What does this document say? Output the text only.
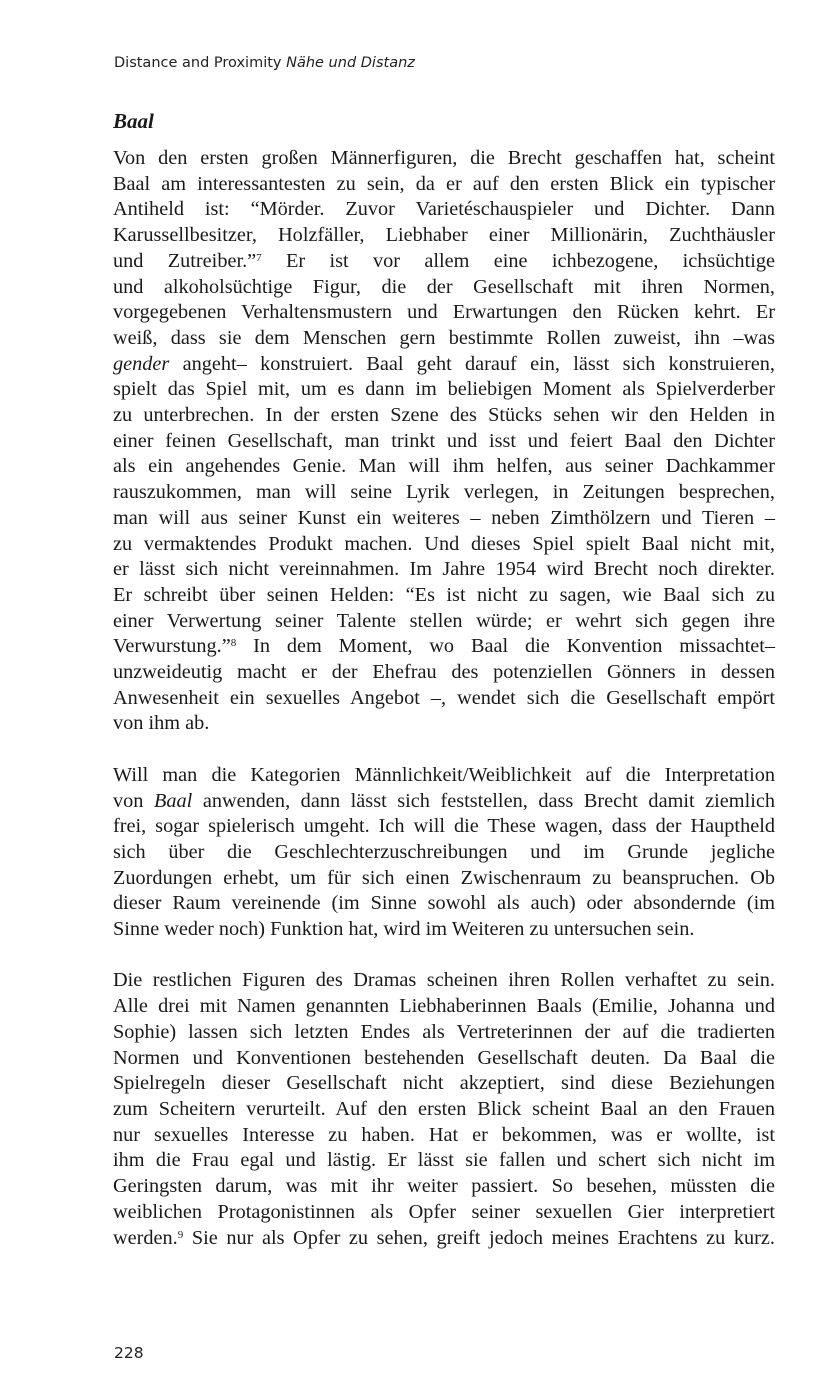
Distance and Proximity Nähe und Distanz
Baal
Von den ersten großen Männerfiguren, die Brecht geschaffen hat, scheint
Baal am interessantesten zu sein, da er auf den ersten Blick ein typischer
Antiheld ist: “Mörder. Zuvor Varietéschauspieler und Dichter. Dann
Karussellbesitzer, Holzfäller, Liebhaber einer Millionärin, Zuchthäusler
und Zutreiber.”$^7$ Er ist vor allem eine ichbezogene, ichsüchtige
und alkoholsüchtige Figur, die der Gesellschaft mit ihren Normen,
vorgegebenen Verhaltensmustern und Erwartungen den Rücken kehrt. Er
weiß, dass sie dem Menschen gern bestimmte Rollen zuweist, ihn –was
gender angeht– konstruiert. Baal geht darauf ein, lässt sich konstruieren,
spielt das Spiel mit, um es dann im beliebigen Moment als Spielverderber
zu unterbrechen. In der ersten Szene des Stücks sehen wir den Helden in
einer feinen Gesellschaft, man trinkt und isst und feiert Baal den Dichter
als ein angehendes Genie. Man will ihm helfen, aus seiner Dachkammer
rauszukommen, man will seine Lyrik verlegen, in Zeitungen besprechen,
man will aus seiner Kunst ein weiteres – neben Zimthölzern und Tieren –
zu vermaktendes Produkt machen. Und dieses Spiel spielt Baal nicht mit,
er lässt sich nicht vereinnahmen. Im Jahre 1954 wird Brecht noch direkter.
Er schreibt über seinen Helden: “Es ist nicht zu sagen, wie Baal sich zu
einer Verwertung seiner Talente stellen würde; er wehrt sich gegen ihre
Verwurstung.”$^8$ In dem Moment, wo Baal die Konvention missachtet–
unzweideutig macht er der Ehefrau des potenziellen Gönners in dessen
Anwesenheit ein sexuelles Angebot –, wendet sich die Gesellschaft empört
von ihm ab.
Will man die Kategorien Männlichkeit/Weiblichkeit auf die Interpretation
von Baal anwenden, dann lässt sich feststellen, dass Brecht damit ziemlich
frei, sogar spielerisch umgeht. Ich will die These wagen, dass der Hauptheld
sich über die Geschlechterzuschreibungen und im Grunde jegliche
Zuordungen erhebt, um für sich einen Zwischenraum zu beanspruchen. Ob
dieser Raum vereinende (im Sinne sowohl als auch) oder absondernde (im
Sinne weder noch) Funktion hat, wird im Weiteren zu untersuchen sein.
Die restlichen Figuren des Dramas scheinen ihren Rollen verhaftet zu sein.
Alle drei mit Namen genannten Liebhaberinnen Baals (Emilie, Johanna und
Sophie) lassen sich letzten Endes als Vertreterinnen der auf die tradierten
Normen und Konventionen bestehenden Gesellschaft deuten. Da Baal die
Spielregeln dieser Gesellschaft nicht akzeptiert, sind diese Beziehungen
zum Scheitern verurteilt. Auf den ersten Blick scheint Baal an den Frauen
nur sexuelles Interesse zu haben. Hat er bekommen, was er wollte, ist
ihm die Frau egal und lästig. Er lässt sie fallen und schert sich nicht im
Geringsten darum, was mit ihr weiter passiert. So besehen, müssten die
weiblichen Protagonistinnen als Opfer seiner sexuellen Gier interpretiert
werden.$^9$ Sie nur als Opfer zu sehen, greift jedoch meines Erachtens zu kurz.
228
